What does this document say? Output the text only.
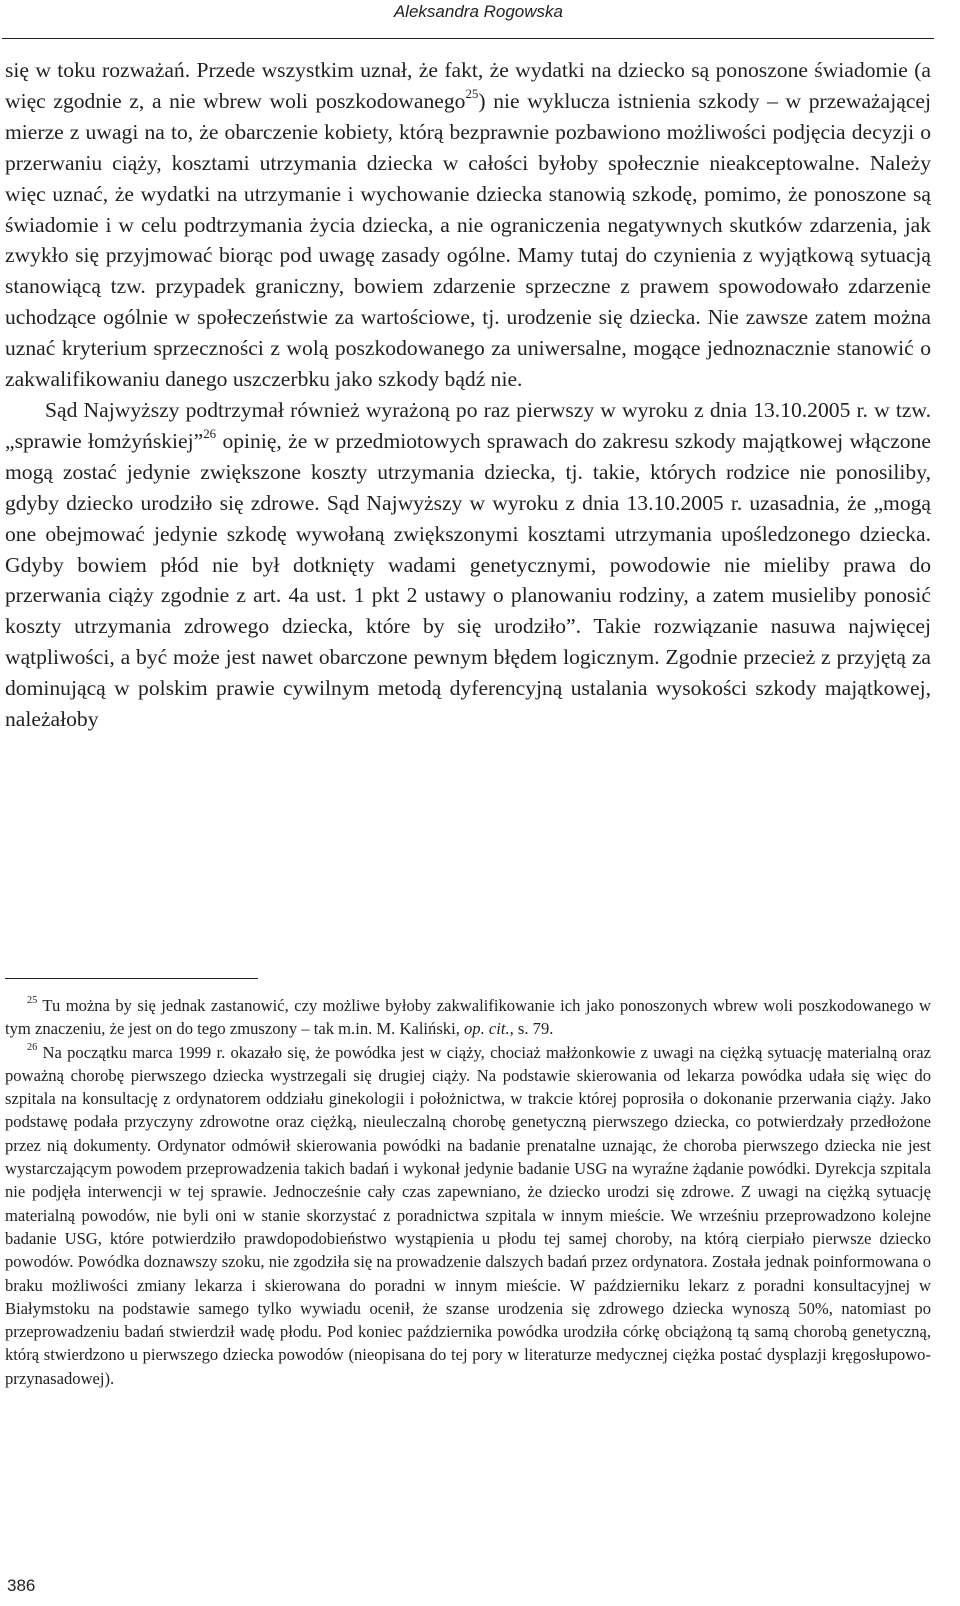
Aleksandra Rogowska

się w toku rozważań. Przede wszystkim uznał, że fakt, że wydatki na dziecko są ponoszone świadomie (a więc zgodnie z, a nie wbrew woli poszkodowanego$^{25}$) nie wyklucza istnienia szkody – w przeważającej mierze z uwagi na to, że obarczenie kobiety, którą bezprawnie pozbawiono możliwości podjęcia decyzji o przerwaniu ciąży, kosztami utrzymania dziecka w całości byłoby społecznie nieakceptowalne. Należy więc uznać, że wydatki na utrzymanie i wychowanie dziecka stanowią szkodę, pomimo, że ponoszone są świadomie i w celu podtrzymania życia dziecka, a nie ograniczenia negatywnych skutków zdarzenia, jak zwykło się przyjmować biorąc pod uwagę zasady ogólne. Mamy tutaj do czynienia z wyjątkową sytuacją stanowiącą tzw. przypadek graniczny, bowiem zdarzenie sprzeczne z prawem spowodowało zdarzenie uchodzące ogólnie w społeczeństwie za wartościowe, tj. urodzenie się dziecka. Nie zawsze zatem można uznać kryterium sprzeczności z wolą poszkodowanego za uniwersalne, mogące jednoznacznie stanowić o zakwalifikowaniu danego uszczerbku jako szkody bądź nie.

Sąd Najwyższy podtrzymał również wyrażoną po raz pierwszy w wyroku z dnia 13.10.2005 r. w tzw. „sprawie łomżyńskiej”$^{26}$ opinię, że w przedmiotowych sprawach do zakresu szkody majątkowej włączone mogą zostać jedynie zwiększone koszty utrzymania dziecka, tj. takie, których rodzice nie ponosiliby, gdyby dziecko urodziło się zdrowe. Sąd Najwyższy w wyroku z dnia 13.10.2005 r. uzasadnia, że „mogą one obejmować jedynie szkodę wywołaną zwiększonymi kosztami utrzymania upośledzonego dziecka. Gdyby bowiem płód nie był dotknięty wadami genetycznymi, powodowie nie mieliby prawa do przerwania ciąży zgodnie z art. 4a ust. 1 pkt 2 ustawy o planowaniu rodziny, a zatem musieliby ponosić koszty utrzymania zdrowego dziecka, które by się urodziło”. Takie rozwiązanie nasuwa najwięcej wątpliwości, a być może jest nawet obarczone pewnym błędem logicznym. Zgodnie przecież z przyjętą za dominującą w polskim prawie cywilnym metodą dyferencyjną ustalania wysokości szkody majątkowej, należałoby

$^{25}$ Tu można by się jednak zastanowić, czy możliwe byłoby zakwalifikowanie ich jako ponoszonych wbrew woli poszkodowanego w tym znaczeniu, że jest on do tego zmuszony – tak m.in. M. Kaliński, op. cit., s. 79.

$^{26}$ Na początku marca 1999 r. okazało się, że powódka jest w ciąży, chociaż małżonkowie z uwagi na ciężką sytuację materialną oraz poważną chorobę pierwszego dziecka wystrzegali się drugiej ciąży. Na podstawie skierowania od lekarza powódka udała się więc do szpitala na konsultację z ordynatorem oddziału ginekologii i położnictwa, w trakcie której poprosiła o dokonanie przerwania ciąży. Jako podstawę podała przyczyny zdrowotne oraz ciężką, nieuleczalną chorobę genetyczną pierwszego dziecka, co potwierdzały przedłożone przez nią dokumenty. Ordynator odmówił skierowania powódki na badanie prenatalne uznając, że choroba pierwszego dziecka nie jest wystarczającym powodem przeprowadzenia takich badań i wykonał jedynie badanie USG na wyraźne żądanie powódki. Dyrekcja szpitala nie podjęła interwencji w tej sprawie. Jednocześnie cały czas zapewniano, że dziecko urodzi się zdrowe. Z uwagi na ciężką sytuację materialną powodów, nie byli oni w stanie skorzystać z poradnictwa szpitala w innym mieście. We wrześniu przeprowadzono kolejne badanie USG, które potwierdziło prawdopodobieństwo wystąpienia u płodu tej samej choroby, na którą cierpiało pierwsze dziecko powodów. Powódka doznawszy szoku, nie zgodziła się na prowadzenie dalszych badań przez ordynatora. Została jednak poinformowana o braku możliwości zmiany lekarza i skierowana do poradni w innym mieście. W październiku lekarz z poradni konsultacyjnej w Białymstoku na podstawie samego tylko wywiadu ocenił, że szanse urodzenia się zdrowego dziecka wynoszą 50%, natomiast po przeprowadzeniu badań stwierdził wadę płodu. Pod koniec października powódka urodziła córkę obciążoną tą samą chorobą genetyczną, którą stwierdzono u pierwszego dziecka powodów (nieopisana do tej pory w literaturze medycznej ciężka postać dysplazji kręgosłupowo-przynasadowej).

386
